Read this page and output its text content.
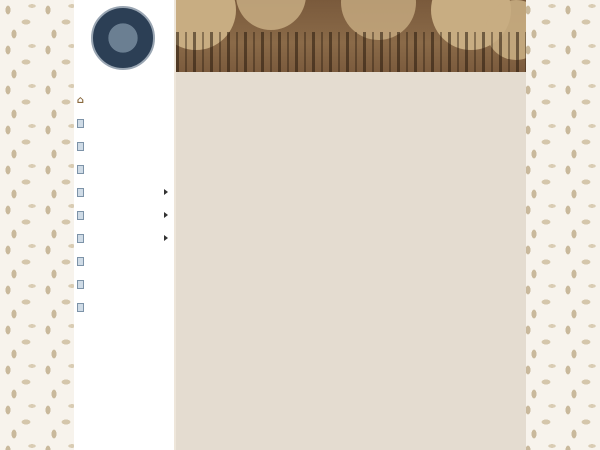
⌂
